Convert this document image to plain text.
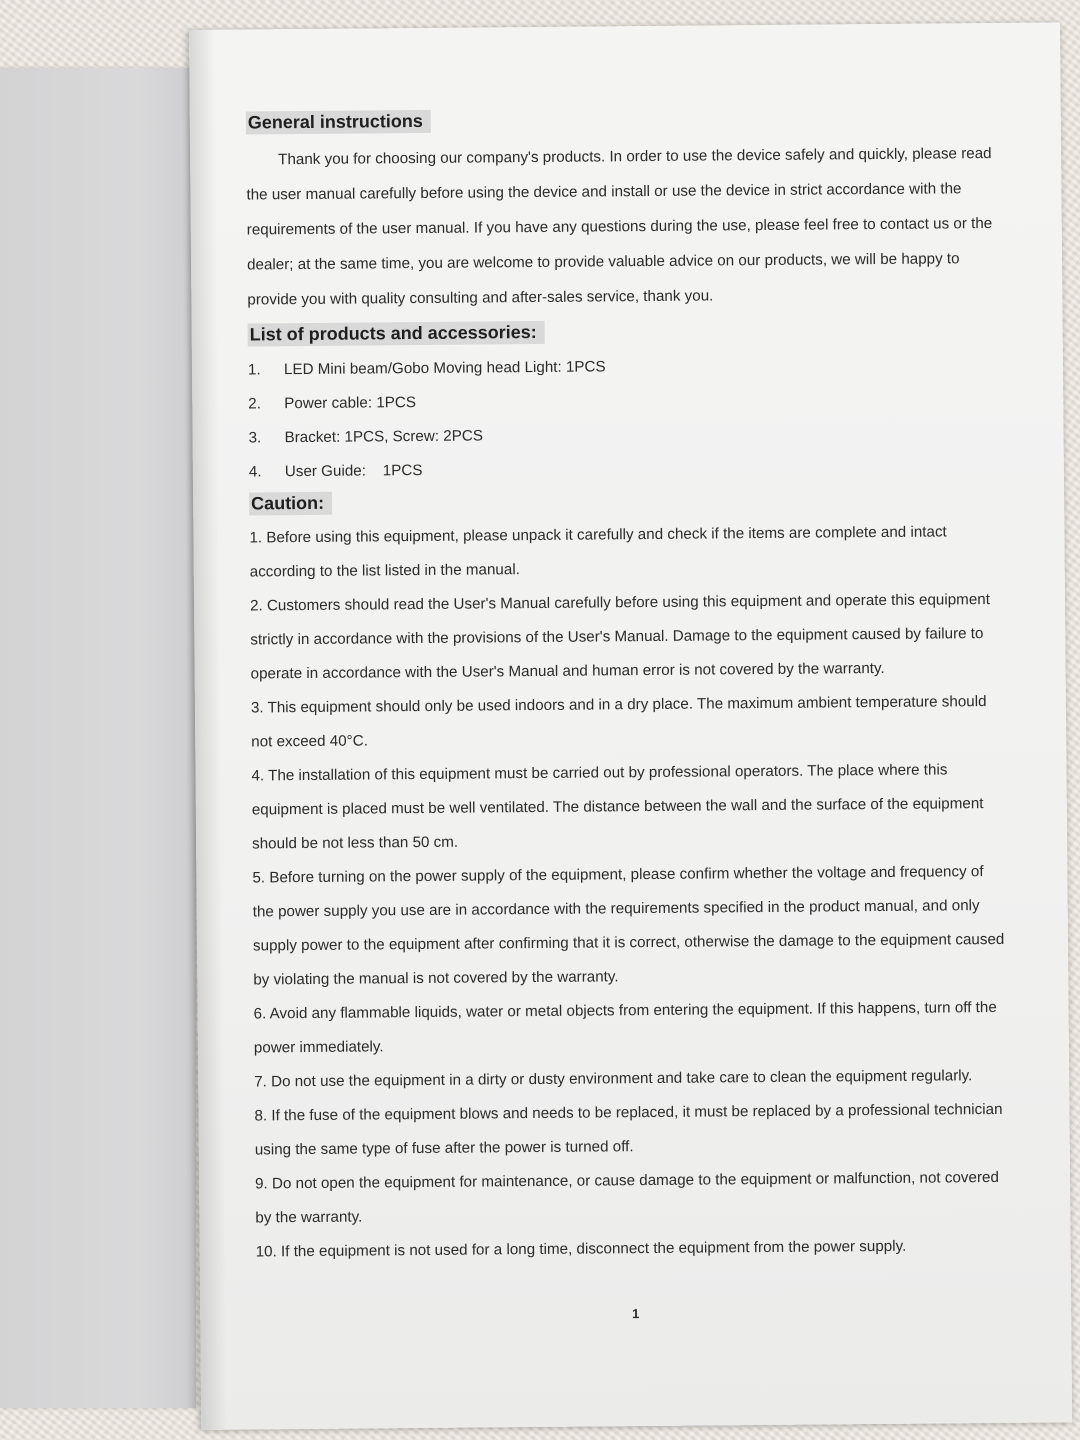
General instructions

Thank you for choosing our company's products. In order to use the device safely and quickly, please read the user manual carefully before using the device and install or use the device in strict accordance with the requirements of the user manual. If you have any questions during the use, please feel free to contact us or the dealer; at the same time, you are welcome to provide valuable advice on our products, we will be happy to provide you with quality consulting and after-sales service, thank you.

List of products and accessories:
1.	LED Mini beam/Gobo Moving head Light: 1PCS
2.	Power cable: 1PCS
3.	Bracket: 1PCS, Screw: 2PCS
4.	User Guide:    1PCS
Caution:

1. Before using this equipment, please unpack it carefully and check if the items are complete and intact according to the list listed in the manual.

2. Customers should read the User's Manual carefully before using this equipment and operate this equipment strictly in accordance with the provisions of the User's Manual. Damage to the equipment caused by failure to operate in accordance with the User's Manual and human error is not covered by the warranty.

3. This equipment should only be used indoors and in a dry place. The maximum ambient temperature should not exceed 40°C.

4. The installation of this equipment must be carried out by professional operators. The place where this equipment is placed must be well ventilated. The distance between the wall and the surface of the equipment should be not less than 50 cm.

5. Before turning on the power supply of the equipment, please confirm whether the voltage and frequency of the power supply you use are in accordance with the requirements specified in the product manual, and only supply power to the equipment after confirming that it is correct, otherwise the damage to the equipment caused by violating the manual is not covered by the warranty.

6. Avoid any flammable liquids, water or metal objects from entering the equipment. If this happens, turn off the power immediately.

7. Do not use the equipment in a dirty or dusty environment and take care to clean the equipment regularly.

8. If the fuse of the equipment blows and needs to be replaced, it must be replaced by a professional technician using the same type of fuse after the power is turned off.

9. Do not open the equipment for maintenance, or cause damage to the equipment or malfunction, not covered by the warranty.

10. If the equipment is not used for a long time, disconnect the equipment from the power supply.

1
